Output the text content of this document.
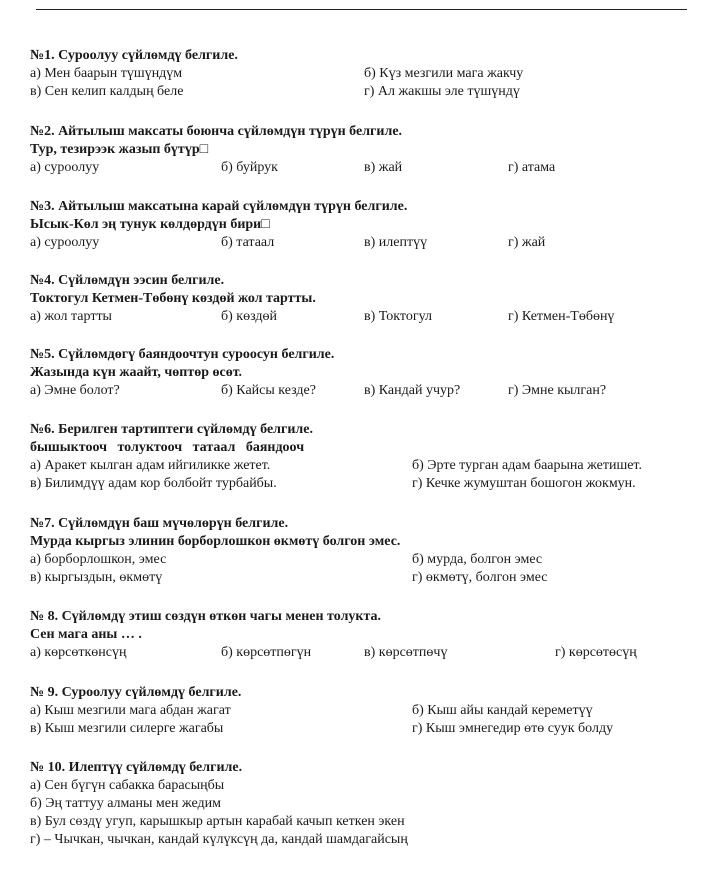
№1. Суроолуу сүйлөмдү белгиле.
а) Мен баарын түшүндүм	б) Күз мезгили мага жакчу
в) Сен келип калдың беле	г) Ал жакшы эле түшүндү
№2. Айтылыш максаты боюнча сүйлөмдүн түрүн белгиле.
Тур, тезирээк жазып бүтүр□
а) суроолуу	б) буйрук	в) жай	г) атама
№3. Айтылыш максатына карай сүйлөмдүн түрүн белгиле.
Ысык-Көл эң тунук көлдөрдүн бири□
а) суроолуу	б) татаал	в) илептүү	г) жай
№4. Сүйлөмдүн ээсин белгиле.
Токтогул Кетмен-Төбөнү көздөй жол тартты.
а) жол тартты	б) көздөй	в) Токтогул	г) Кетмен-Төбөнү
№5. Сүйлөмдөгү баяндоочтун суроосун белгиле.
Жазында күн жаайт, чөптөр өсөт.
а) Эмне болот?	б) Кайсы кезде?	в) Кандай учур?	г) Эмне кылган?
№6. Берилген тартиптеги сүйлөмдү белгиле.
бышыктооч   толуктооч   татаал   баяндооч
а) Аракет кылган адам ийгиликке жетет.	б) Эрте турган адам баарына жетишет.
в) Билимдүү адам кор болбойт турбайбы.	г) Кечке жумуштан бошогон жокмун.
№7. Сүйлөмдүн баш мүчөлөрүн белгиле.
Мурда кыргыз элинин борборлошкон өкмөтү болгон эмес.
а) борборлошкон, эмес	б) мурда, болгон эмес
в) кыргыздын, өкмөтү	г) өкмөтү, болгон эмес
№ 8. Сүйлөмдү этиш сөздүн өткөн чагы менен толукта.
Сен мага аны … .
а) көрсөткөнсүң	б) көрсөтпөгүн	в) көрсөтпөчү	г) көрсөтөсүң
№ 9. Суроолуу сүйлөмдү белгиле.
а) Кыш мезгили мага абдан жагат	б) Кыш айы кандай кереметүү
в) Кыш мезгили силерге жагабы	г) Кыш эмнегедир өтө суук болду
№ 10. Илептүү сүйлөмдү белгиле.
а) Сен бүгүн сабакка барасыңбы
б) Эң таттуу алманы мен жедим
в) Бул сөздү угуп, карышкыр артын карабай качып кеткен экен
г) – Чычкан, чычкан, кандай күлүксүң да, кандай шамдагайсың
